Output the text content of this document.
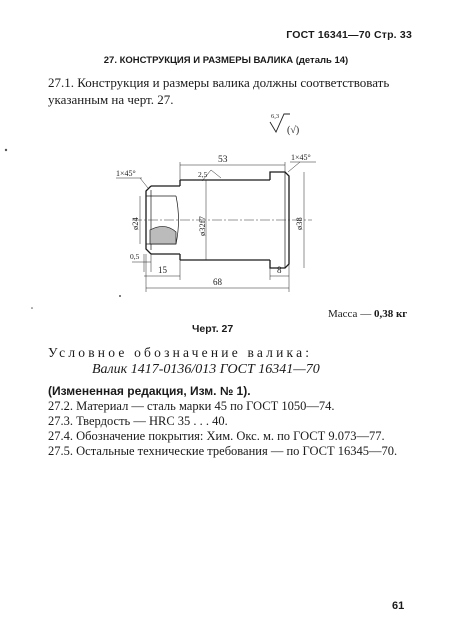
ГОСТ 16341—70 Стр. 33
27. КОНСТРУКЦИЯ И РАЗМЕРЫ ВАЛИКА (деталь 14)
27.1. Конструкция и размеры валика должны соответствовать
указанным на черт. 27.
6,3
(√)
53	1×45°
1×45°	2,5
ø24	ø32f7	ø38
0,5
15	8
68
Масса — 0,38 кг
Черт. 27
Условное обозначение валика:
Валик 1417-0136/013 ГОСТ 16341—70
(Измененная редакция, Изм. № 1).
27.2. Материал — сталь марки 45 по ГОСТ 1050—74.
27.3. Твердость — HRC 35 . . . 40.
27.4. Обозначение покрытия: Хим. Окс. м. по ГОСТ 9.073—77.
27.5. Остальные технические требования — по ГОСТ 16345—70.
61
